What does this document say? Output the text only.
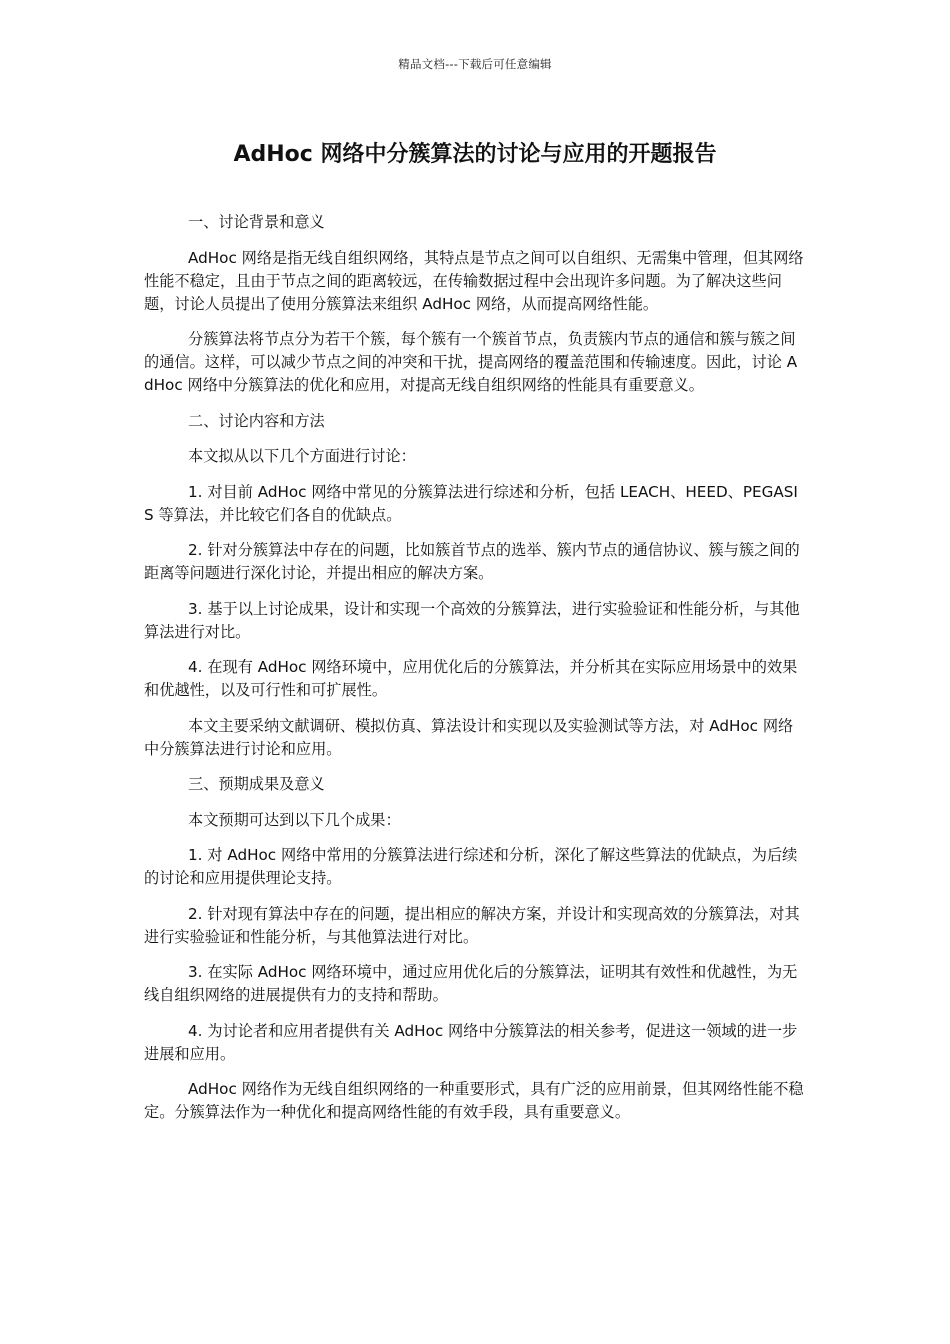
精品文档---下载后可任意编辑
AdHoc 网络中分簇算法的讨论与应用的开题报告

一、讨论背景和意义

AdHoc 网络是指无线自组织网络，其特点是节点之间可以自组织、无需集中管理，但其网络性能不稳定，且由于节点之间的距离较远，在传输数据过程中会出现许多问题。为了解决这些问题，讨论人员提出了使用分簇算法来组织 AdHoc 网络，从而提高网络性能。

分簇算法将节点分为若干个簇，每个簇有一个簇首节点，负责簇内节点的通信和簇与簇之间的通信。这样，可以减少节点之间的冲突和干扰，提高网络的覆盖范围和传输速度。因此，讨论 AdHoc 网络中分簇算法的优化和应用，对提高无线自组织网络的性能具有重要意义。

二、讨论内容和方法

本文拟从以下几个方面进行讨论：

1. 对目前 AdHoc 网络中常见的分簇算法进行综述和分析，包括 LEACH、HEED、PEGASIS 等算法，并比较它们各自的优缺点。

2. 针对分簇算法中存在的问题，比如簇首节点的选举、簇内节点的通信协议、簇与簇之间的距离等问题进行深化讨论，并提出相应的解决方案。

3. 基于以上讨论成果，设计和实现一个高效的分簇算法，进行实验验证和性能分析，与其他算法进行对比。

4. 在现有 AdHoc 网络环境中，应用优化后的分簇算法，并分析其在实际应用场景中的效果和优越性，以及可行性和可扩展性。

本文主要采纳文献调研、模拟仿真、算法设计和实现以及实验测试等方法，对 AdHoc 网络中分簇算法进行讨论和应用。

三、预期成果及意义

本文预期可达到以下几个成果：

1. 对 AdHoc 网络中常用的分簇算法进行综述和分析，深化了解这些算法的优缺点，为后续的讨论和应用提供理论支持。

2. 针对现有算法中存在的问题，提出相应的解决方案，并设计和实现高效的分簇算法，对其进行实验验证和性能分析，与其他算法进行对比。

3. 在实际 AdHoc 网络环境中，通过应用优化后的分簇算法，证明其有效性和优越性，为无线自组织网络的进展提供有力的支持和帮助。

4. 为讨论者和应用者提供有关 AdHoc 网络中分簇算法的相关参考，促进这一领域的进一步进展和应用。

AdHoc 网络作为无线自组织网络的一种重要形式，具有广泛的应用前景，但其网络性能不稳定。分簇算法作为一种优化和提高网络性能的有效手段，具有重要意义。
